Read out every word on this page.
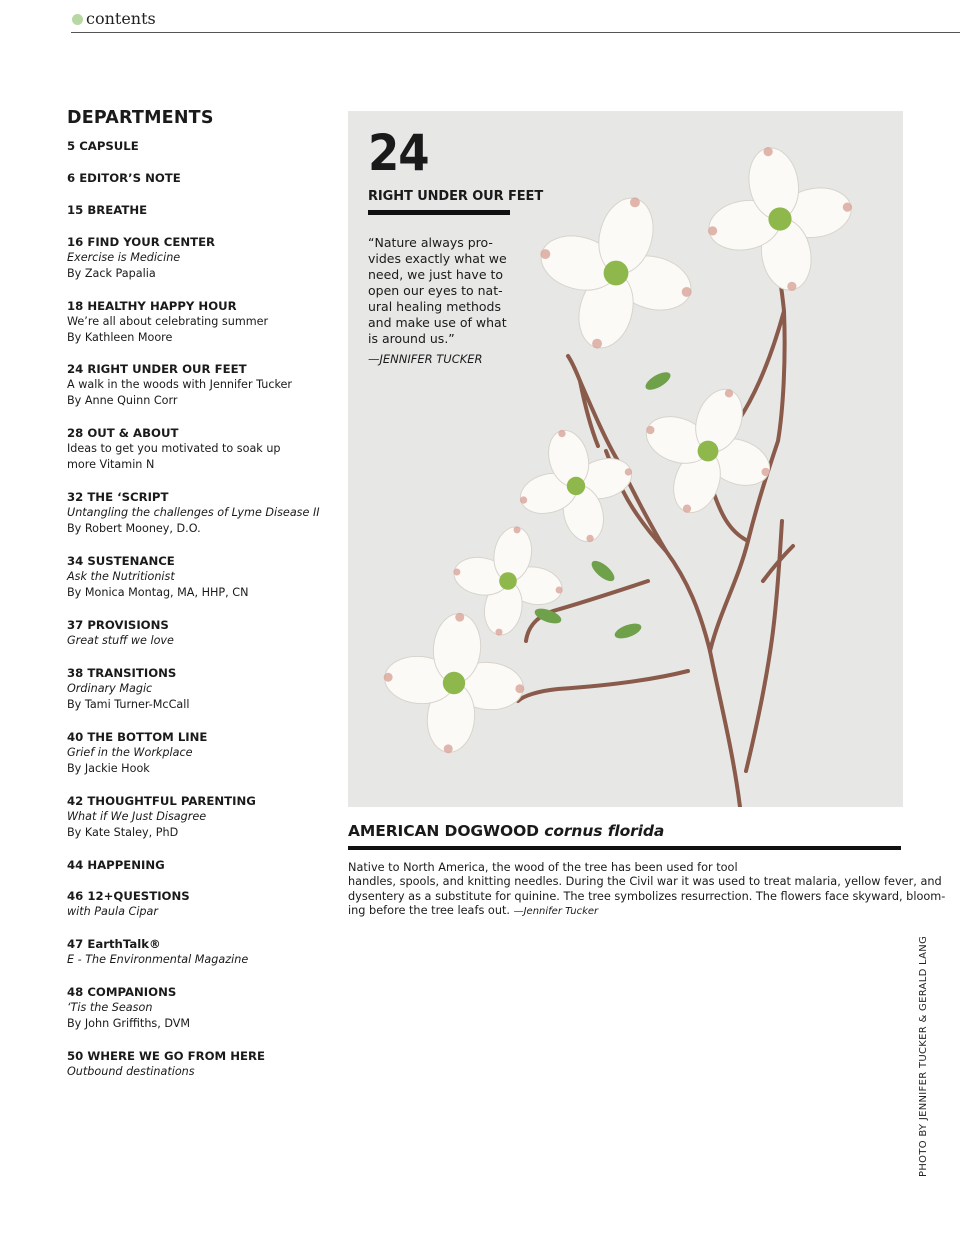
contents
DEPARTMENTS
5 CAPSULE
6 EDITOR’S NOTE
15 BREATHE
16 FIND YOUR CENTER
Exercise is Medicine
By Zack Papalia
18 HEALTHY HAPPY HOUR
We’re all about celebrating summer
By Kathleen Moore
24 RIGHT UNDER OUR FEET
A walk in the woods with Jennifer Tucker
By Anne Quinn Corr
28 OUT & ABOUT
Ideas to get you motivated to soak up
more Vitamin N
32 THE ‘SCRIPT
Untangling the challenges of Lyme Disease II
By Robert Mooney, D.O.
34 SUSTENANCE
Ask the Nutritionist
By Monica Montag, MA, HHP, CN
37 PROVISIONS
Great stuff we love
38 TRANSITIONS
Ordinary Magic
By Tami Turner-McCall
40 THE BOTTOM LINE
Grief in the Workplace
By Jackie Hook
42 THOUGHTFUL PARENTING
What if We Just Disagree
By Kate Staley, PhD
44 HAPPENING
46 12+QUESTIONS
with Paula Cipar
47 EarthTalk®
E - The Environmental Magazine
48 COMPANIONS
‘Tis the Season
By John Griffiths, DVM
50 WHERE WE GO FROM HERE
Outbound destinations
24
RIGHT UNDER OUR FEET
“Nature always pro-
vides exactly what we
need, we just have to
open our eyes to nat-
ural healing methods
and make use of what
is around us.”
—JENNIFER TUCKER
AMERICAN DOGWOOD cornus florida
Native to North America, the wood of the tree has been used for tool
handles, spools, and knitting needles. During the Civil war it was used to treat malaria, yellow fever, and
dysentery as a substitute for quinine. The tree symbolizes resurrection. The flowers face skyward, bloom-
ing before the tree leafs out. —Jennifer Tucker
PHOTO BY JENNIFER TUCKER & GERALD LANG
